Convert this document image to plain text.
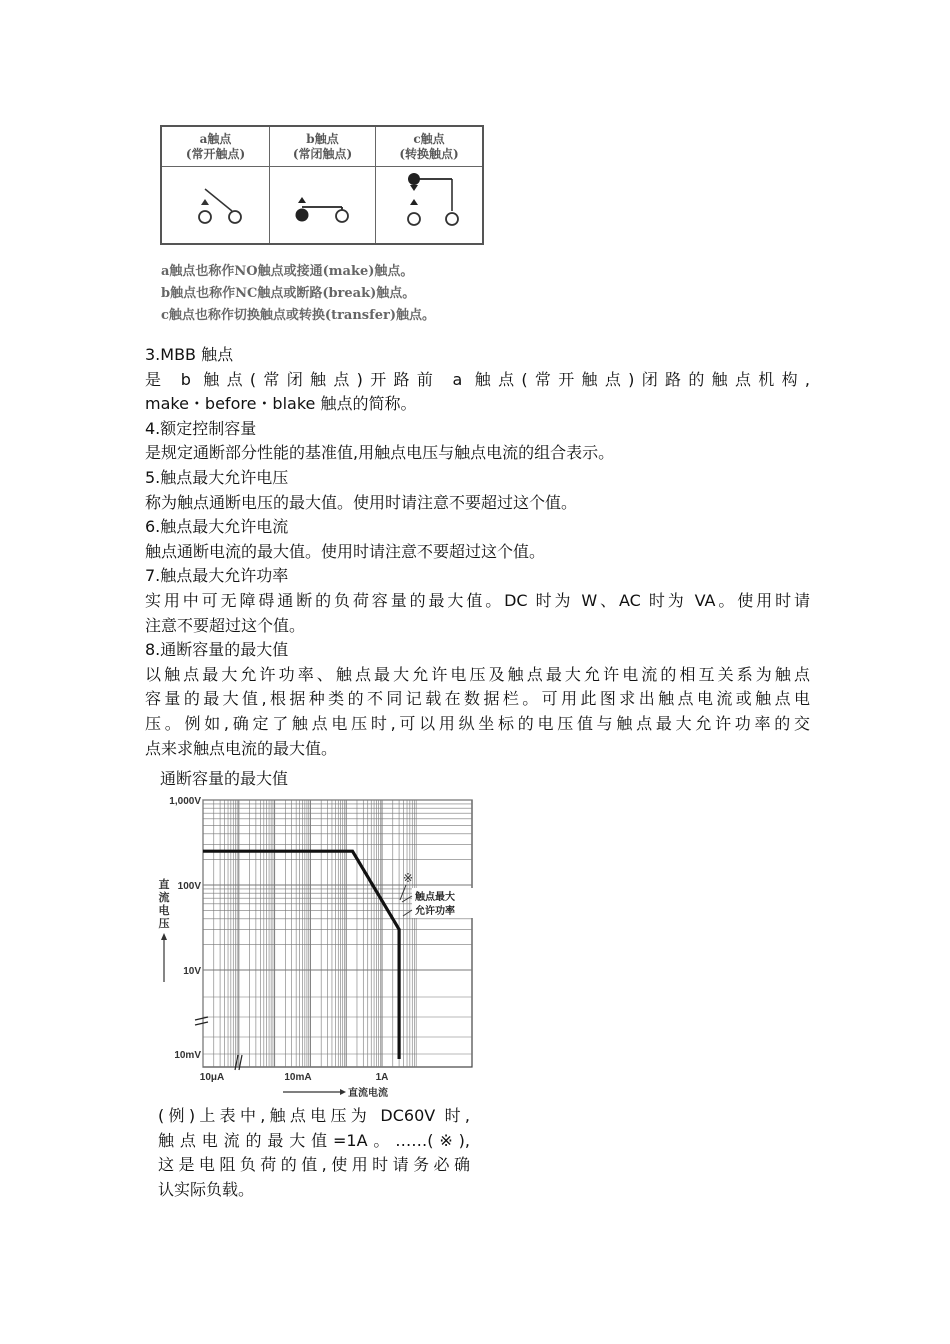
a触点
(常开触点)
b触点
(常闭触点)
c触点
(转换触点)
a触点也称作NO触点或接通(make)触点。
b触点也称作NC触点或断路(break)触点。
c触点也称作切换触点或转换(transfer)触点。
3.MBB 触点
是 b 触点(常闭触点)开路前 a 触点(常开触点)闭路的触点机构,
make・before・blake 触点的简称。
4.额定控制容量
是规定通断部分性能的基准值,用触点电压与触点电流的组合表示。
5.触点最大允许电压
称为触点通断电压的最大值。使用时请注意不要超过这个值。
6.触点最大允许电流
触点通断电流的最大值。使用时请注意不要超过这个值。
7.触点最大允许功率
实用中可无障碍通断的负荷容量的最大值。DC 时为 W、AC 时为 VA。使用时请
注意不要超过这个值。
8.通断容量的最大值
以触点最大允许功率、触点最大允许电压及触点最大允许电流的相互关系为触点
容量的最大值,根据种类的不同记载在数据栏。可用此图求出触点电流或触点电
压。例如,确定了触点电压时,可以用纵坐标的电压值与触点最大允许功率的交
点来求触点电流的最大值。
通断容量的最大值
1,000V
100V
10V
10mV
10μA	10mA	1A
直流电流
直
流
电
压
※
触点最大
允许功率
(例)上表中,触点电压为 DC60V 时,
触点电流的最大值=1A。……(※),
这是电阻负荷的值,使用时请务必确
认实际负载。
